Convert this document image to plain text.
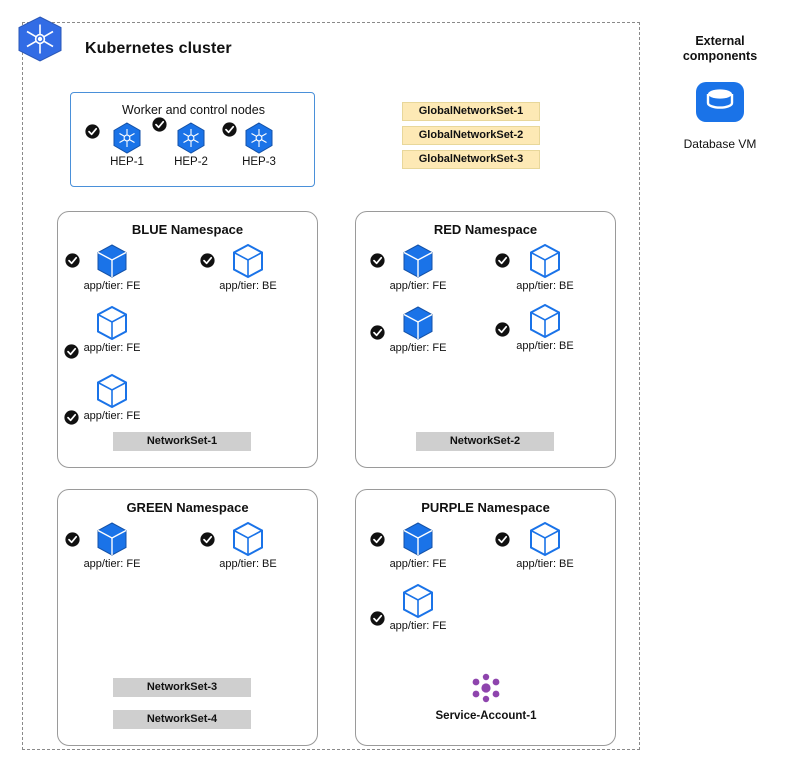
Kubernetes cluster
Worker and control nodes
HEP-1	HEP-2	HEP-3
GlobalNetworkSet-1
GlobalNetworkSet-2
GlobalNetworkSet-3
BLUE Namespace
app/tier: FE	app/tier: BE
app/tier: FE
app/tier: FE
NetworkSet-1
RED Namespace
app/tier: FE	app/tier: BE
app/tier: FE	app/tier: BE
NetworkSet-2
GREEN Namespace
app/tier: FE	app/tier: BE
NetworkSet-3
NetworkSet-4
PURPLE Namespace
app/tier: FE	app/tier: BE
app/tier: FE
Service-Account-1
External components
Database VM
